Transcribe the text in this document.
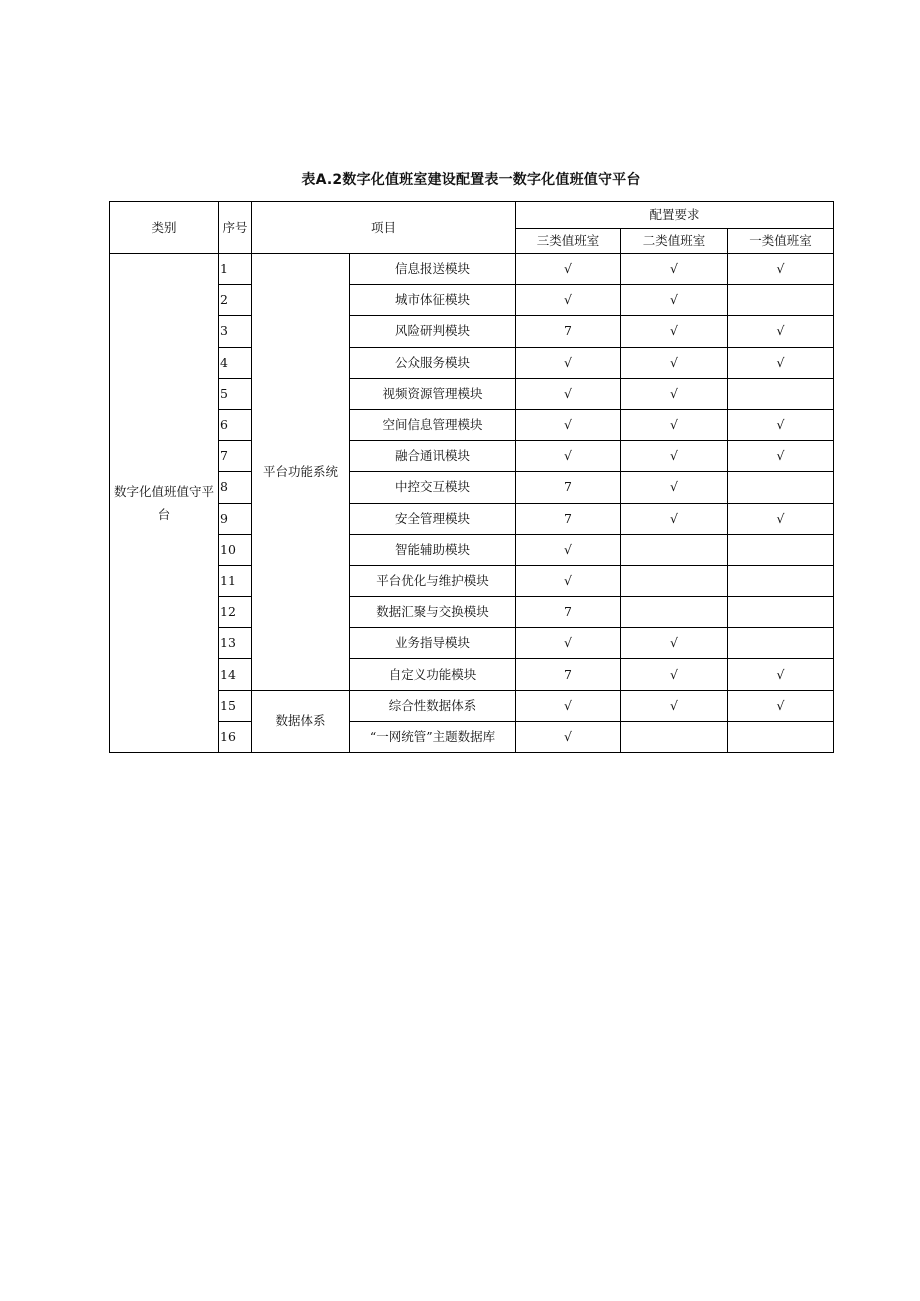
表A.2数字化值班室建设配置表一数字化值班值守平台
类别	序号	项目		配置要求		
				三类值班室	二类值班室	一类值班室
数字化值班值守平台	1	平台功能系统	信息报送模块	√	√	√
	2		城市体征模块	√	√	
	3		风险研判模块	7	√	√
	4		公众服务模块	√	√	√
	5		视频资源管理模块	√	√	
	6		空间信息管理模块	√	√	√
	7		融合通讯模块	√	√	√
	8		中控交互模块	7	√	
	9		安全管理模块	7	√	√
	10		智能辅助模块	√		
	11		平台优化与维护模块	√		
	12		数据汇聚与交换模块	7		
	13		业务指导模块	√	√	
	14		自定义功能模块	7	√	√
	15	数据体系	综合性数据体系	√	√	√
	16		“一网统管”主题数据库	√		
